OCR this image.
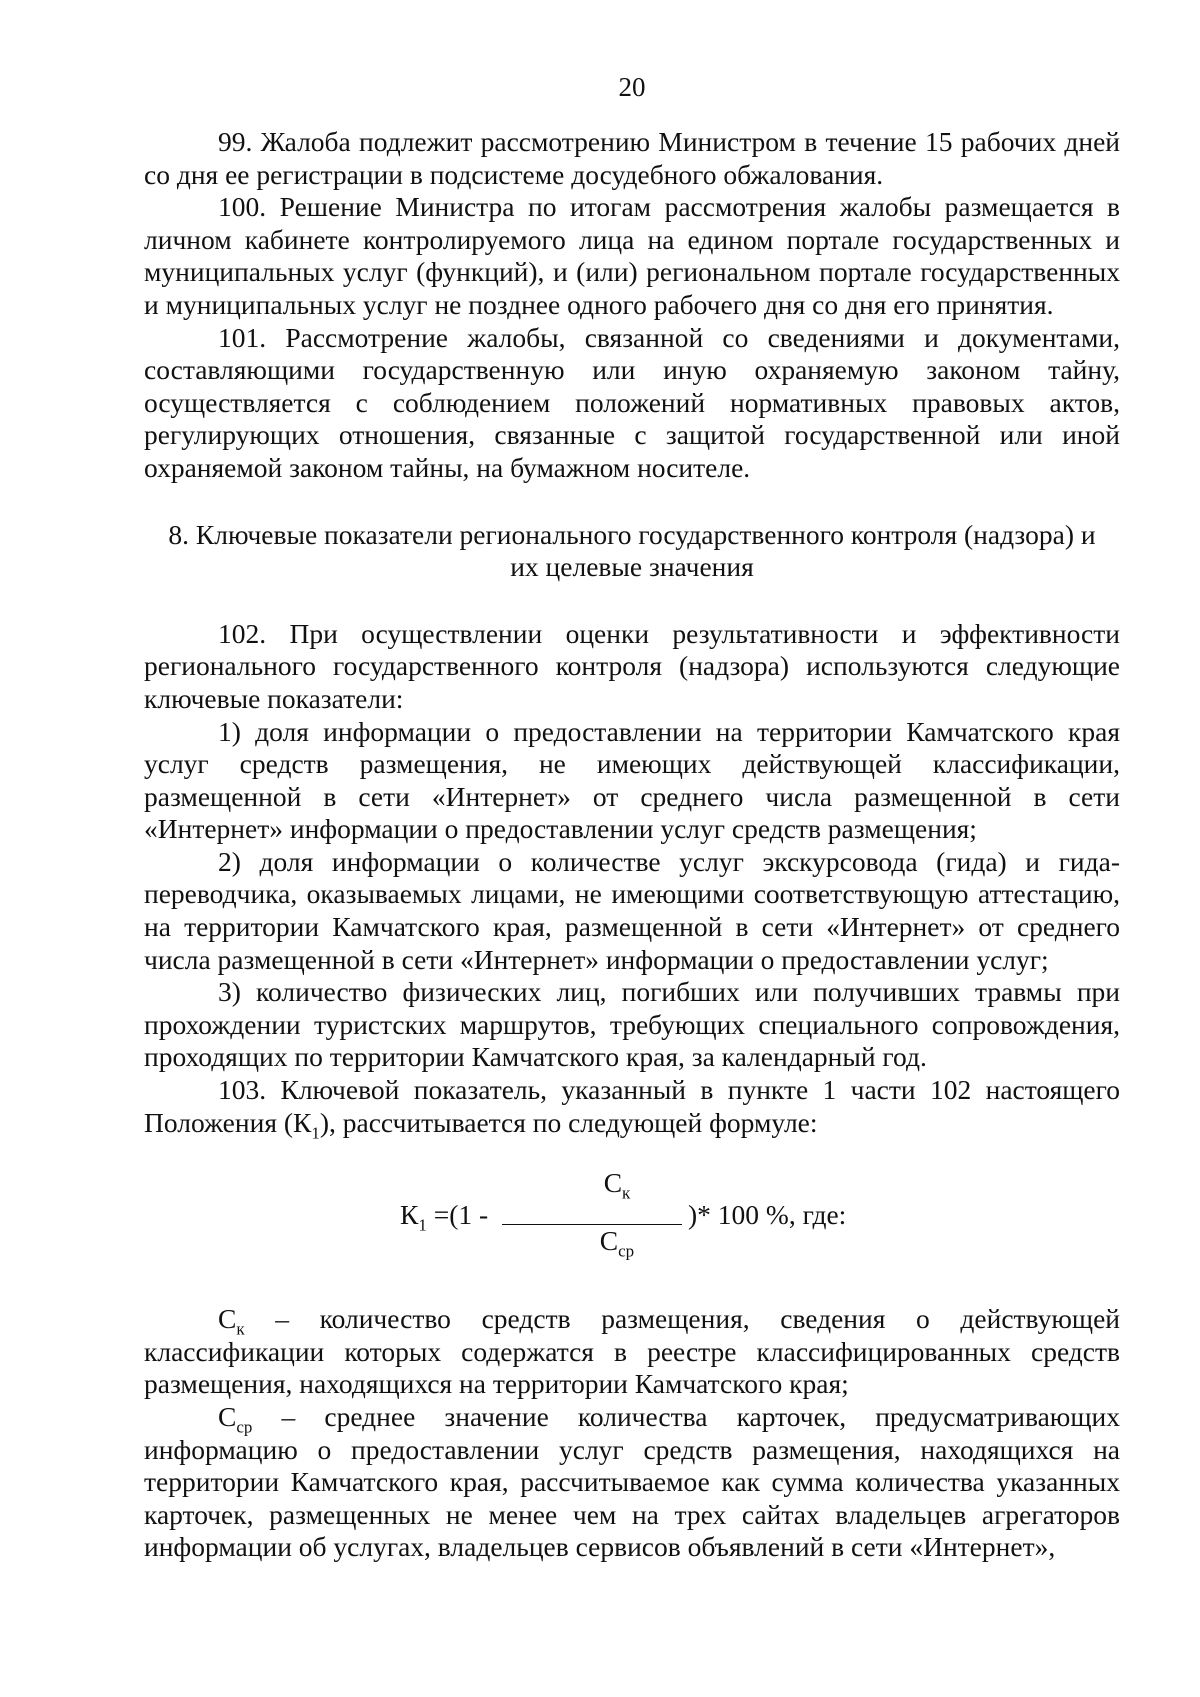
20

99. Жалоба подлежит рассмотрению Министром в течение 15 рабочих дней со дня ее регистрации в подсистеме досудебного обжалования.

100. Решение Министра по итогам рассмотрения жалобы размещается в личном кабинете контролируемого лица на едином портале государственных и муниципальных услуг (функций), и (или) региональном портале государственных и муниципальных услуг не позднее одного рабочего дня со дня его принятия.

101. Рассмотрение жалобы, связанной со сведениями и документами, составляющими государственную или иную охраняемую законом тайну, осуществляется с соблюдением положений нормативных правовых актов, регулирующих отношения, связанные с защитой государственной или иной охраняемой законом тайны, на бумажном носителе.

8. Ключевые показатели регионального государственного контроля (надзора) и
их целевые значения

102. При осуществлении оценки результативности и эффективности регионального государственного контроля (надзора) используются следующие ключевые показатели:

1) доля информации о предоставлении на территории Камчатского края услуг средств размещения, не имеющих действующей классификации, размещенной в сети «Интернет» от среднего числа размещенной в сети «Интернет» информации о предоставлении услуг средств размещения;

2) доля информации о количестве услуг экскурсовода (гида) и гида-переводчика, оказываемых лицами, не имеющими соответствующую аттестацию, на территории Камчатского края, размещенной в сети «Интернет» от среднего числа размещенной в сети «Интернет» информации о предоставлении услуг;

3) количество физических лиц, погибших или получивших травмы при прохождении туристских маршрутов, требующих специального сопровождения, проходящих по территории Камчатского края, за календарный год.

103. Ключевой показатель, указанный в пункте 1 части 102 настоящего Положения $(К_1)$, рассчитывается по следующей формуле:

$К_1 =(1$ -
$С_к$
$С_{ср}$
)* 100 %, где:

$С_к$ – количество средств размещения, сведения о действующей классификации которых содержатся в реестре классифицированных средств размещения, находящихся на территории Камчатского края;

$С_{ср}$ – среднее значение количества карточек, предусматривающих информацию о предоставлении услуг средств размещения, находящихся на территории Камчатского края, рассчитываемое как сумма количества указанных карточек, размещенных не менее чем на трех сайтах владельцев агрегаторов информации об услугах, владельцев сервисов объявлений в сети «Интернет»,
